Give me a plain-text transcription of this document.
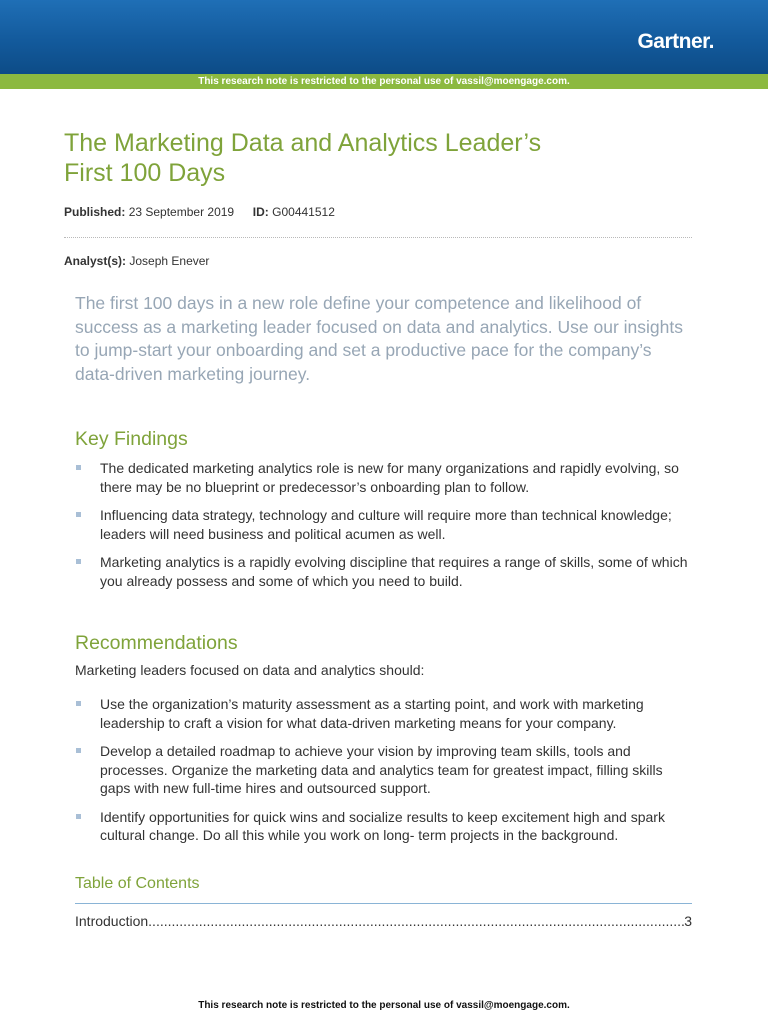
Gartner.
This research note is restricted to the personal use of vassil@moengage.com.
The Marketing Data and Analytics Leader’s
First 100 Days
Published: 23 September 2019 ID: G00441512
Analyst(s): Joseph Enever

The first 100 days in a new role define your competence and likelihood of success as a marketing leader focused on data and analytics. Use our insights to jump-start your onboarding and set a productive pace for the company’s data-driven marketing journey.

Key Findings
The dedicated marketing analytics role is new for many organizations and rapidly evolving, so there may be no blueprint or predecessor’s onboarding plan to follow.
Influencing data strategy, technology and culture will require more than technical knowledge; leaders will need business and political acumen as well.
Marketing analytics is a rapidly evolving discipline that requires a range of skills, some of which you already possess and some of which you need to build.
Recommendations

Marketing leaders focused on data and analytics should:

Use the organization’s maturity assessment as a starting point, and work with marketing leadership to craft a vision for what data-driven marketing means for your company.
Develop a detailed roadmap to achieve your vision by improving team skills, tools and processes. Organize the marketing data and analytics team for greatest impact, filling skills gaps with new full-time hires and outsourced support.
Identify opportunities for quick wins and socialize results to keep excitement high and spark cultural change. Do all this while you work on long- term projects in the background.
Table of Contents
Introduction
.....	3
This research note is restricted to the personal use of vassil@moengage.com.
